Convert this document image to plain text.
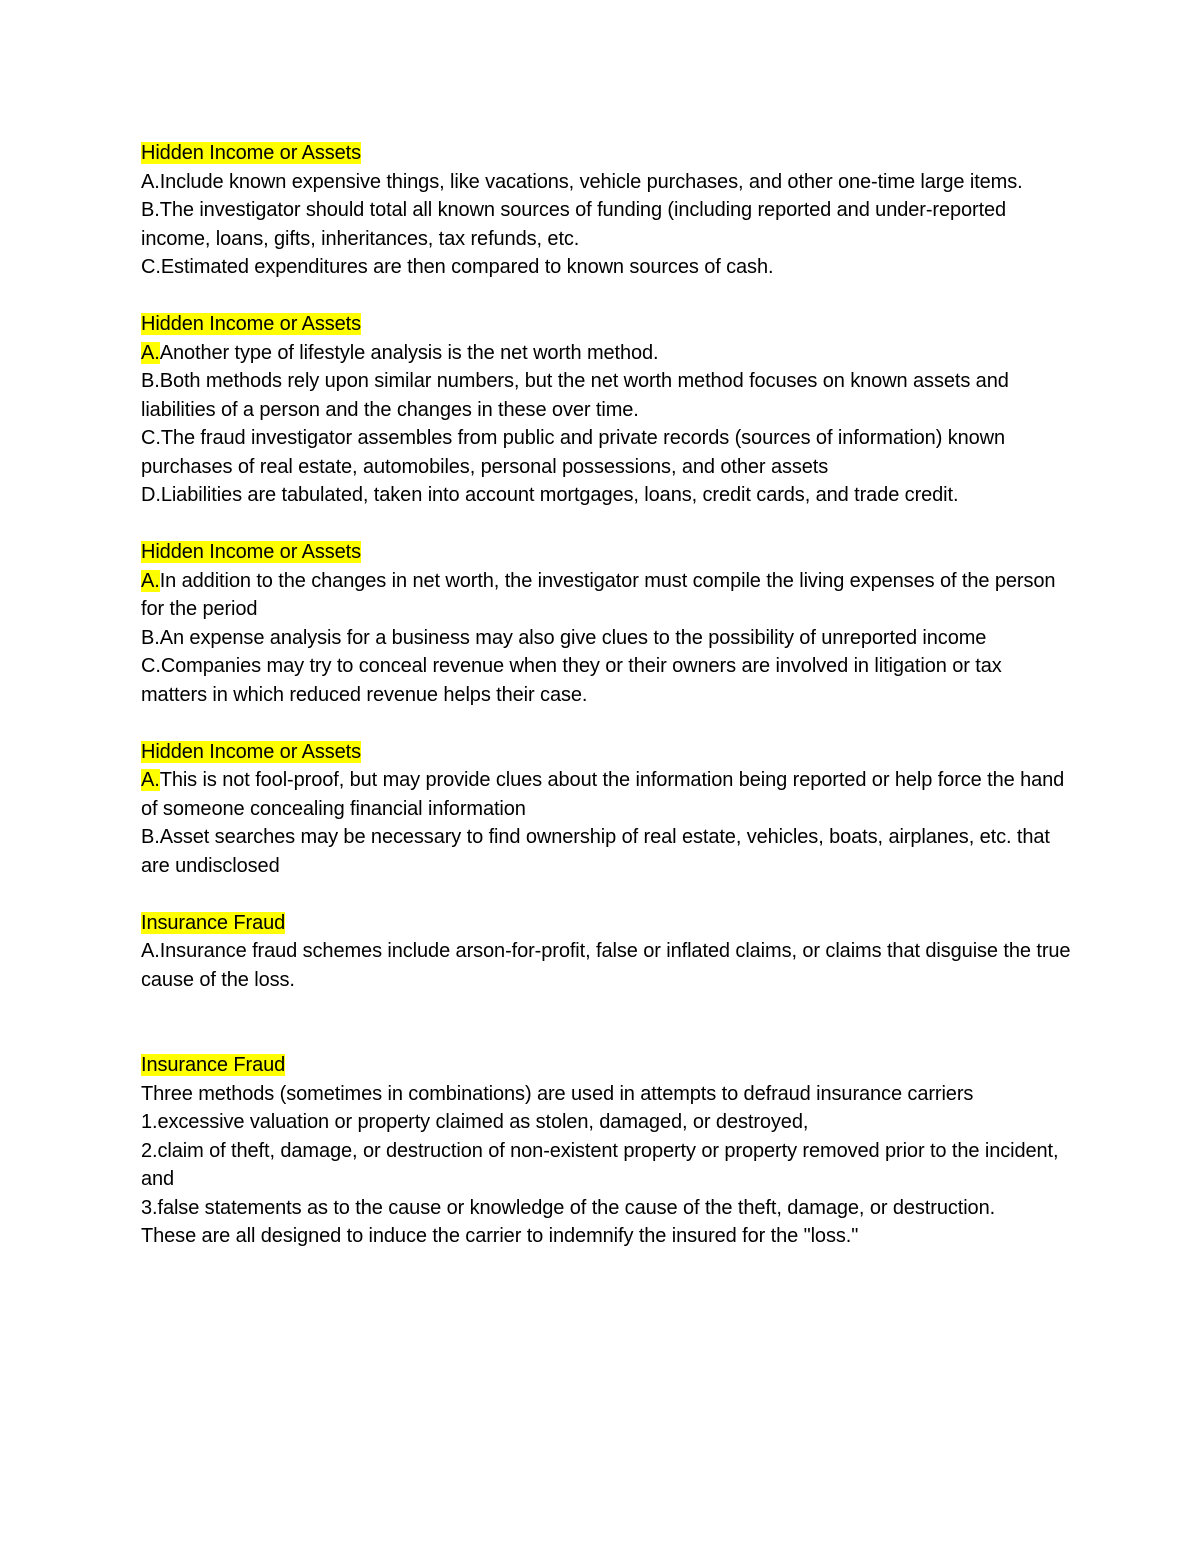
Hidden Income or Assets

A.Include known expensive things, like vacations, vehicle purchases, and other one-time large items.

B.The investigator should total all known sources of funding (including reported and under-reported income, loans, gifts, inheritances, tax refunds, etc.

C.Estimated expenditures are then compared to known sources of cash.

Hidden Income or Assets

A.Another type of lifestyle analysis is the net worth method.

B.Both methods rely upon similar numbers, but the net worth method focuses on known assets and liabilities of a person and the changes in these over time.

C.The fraud investigator assembles from public and private records (sources of information) known purchases of real estate, automobiles, personal possessions, and other assets

D.Liabilities are tabulated, taken into account mortgages, loans, credit cards, and trade credit.

Hidden Income or Assets

A.In addition to the changes in net worth, the investigator must compile the living expenses of the person for the period

B.An expense analysis for a business may also give clues to the possibility of unreported income

C.Companies may try to conceal revenue when they or their owners are involved in litigation or tax matters in which reduced revenue helps their case.

Hidden Income or Assets

A.This is not fool-proof, but may provide clues about the information being reported or help force the hand of someone concealing financial information

B.Asset searches may be necessary to find ownership of real estate, vehicles, boats, airplanes, etc. that are undisclosed

Insurance Fraud

A.Insurance fraud schemes include arson-for-profit, false or inflated claims, or claims that disguise the true cause of the loss.

Insurance Fraud

Three methods (sometimes in combinations) are used in attempts to defraud insurance carriers

1.excessive valuation or property claimed as stolen, damaged, or destroyed,

2.claim of theft, damage, or destruction of non-existent property or property removed prior to the incident, and

3.false statements as to the cause or knowledge of the cause of the theft, damage, or destruction.

These are all designed to induce the carrier to indemnify the insured for the "loss."
